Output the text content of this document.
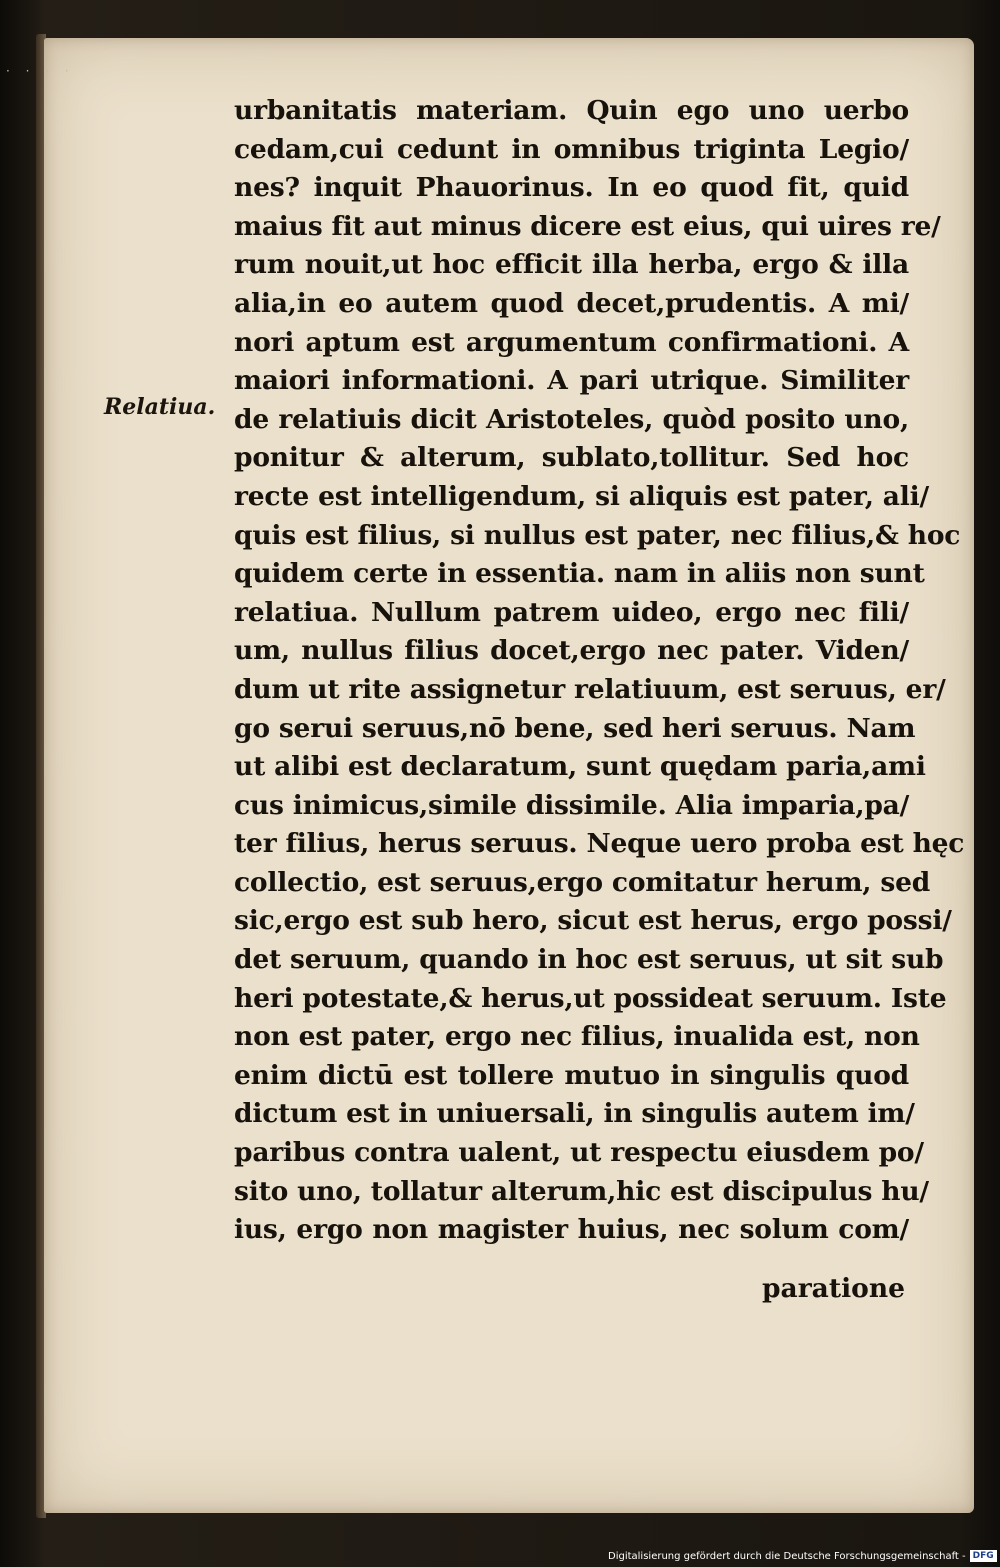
· · · ·
Relatiua.
urbanitatis materiam. Quin ego uno uerbo
cedam,cui cedunt in omnibus triginta Legio/
nes? inquit Phauorinus. In eo quod fit, quid
maius fit aut minus dicere est eius, qui uires re/
rum nouit,ut hoc efficit illa herba, ergo & illa
alia,in eo autem quod decet,prudentis. A mi/
nori aptum est argumentum confirmationi. A
maiori informationi. A pari utrique. Similiter
de relatiuis dicit Aristoteles, quòd posito uno,
ponitur & alterum, sublato,tollitur. Sed hoc
recte est intelligendum, si aliquis est pater, ali/
quis est filius, si nullus est pater, nec filius,& hoc
quidem certe in essentia. nam in aliis non sunt
relatiua. Nullum patrem uideo, ergo nec fili/
um, nullus filius docet,ergo nec pater. Viden/
dum ut rite assignetur relatiuum, est seruus, er/
go serui seruus,nō bene, sed heri seruus. Nam
ut alibi est declaratum, sunt quędam paria,ami
cus inimicus,simile dissimile. Alia imparia,pa/
ter filius, herus seruus. Neque uero proba est hęc
collectio, est seruus,ergo comitatur herum, sed
sic,ergo est sub hero, sicut est herus, ergo possi/
det seruum, quando in hoc est seruus, ut sit sub
heri potestate,& herus,ut possideat seruum. Iste
non est pater, ergo nec filius, inualida est, non
enim dictū est tollere mutuo in singulis quod
dictum est in uniuersali, in singulis autem im/
paribus contra ualent, ut respectu eiusdem po/
sito uno, tollatur alterum,hic est discipulus hu/
ius, ergo non magister huius, nec solum com/
paratione
Digitalisierung gefördert durch die Deutsche Forschungsgemeinschaft - DFG
